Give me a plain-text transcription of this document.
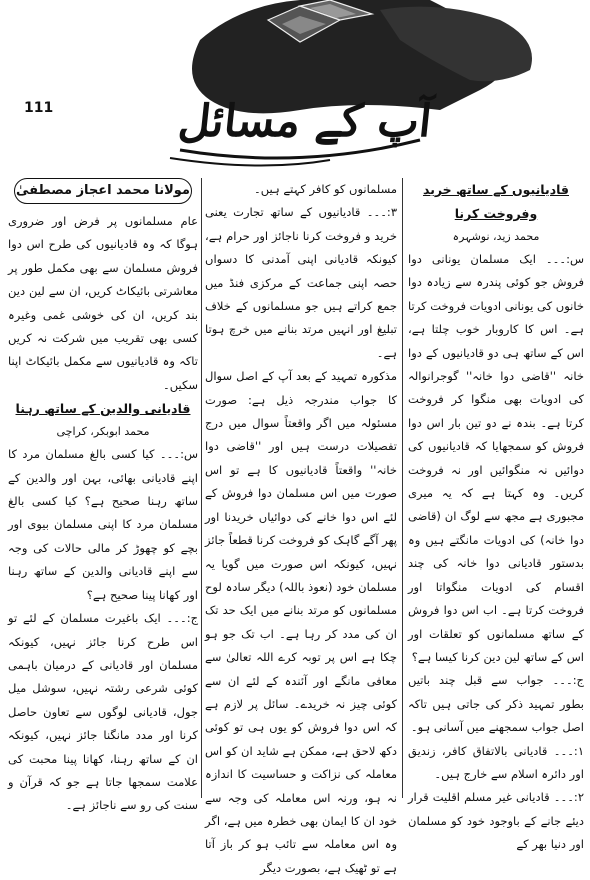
111	آپ کے مسائل
قادیانیوں کے ساتھ خرید وفروخت کرنا
محمد زید، نوشہرہ

س:۔۔۔ ایک مسلمان یونانی دوا فروش جو کوئی پندرہ سے زیادہ دوا خانوں کی یونانی ادویات فروخت کرتا ہے۔ اس کا کاروبار خوب چلتا ہے، اس کے ساتھ ہی دو قادیانیوں کے دوا خانہ ''قاضی دوا خانہ'' گوجرانوالہ کی ادویات بھی منگوا کر فروخت کرتا ہے۔ بندہ نے دو تین بار اس دوا فروش کو سمجھایا کہ قادیانیوں کی دوائیں نہ منگوائیں اور نہ فروخت کریں۔ وہ کہتا ہے کہ یہ میری مجبوری ہے مجھ سے لوگ ان (قاضی دوا خانہ) کی ادویات مانگتے ہیں وہ بدستور قادیانی دوا خانہ کی چند اقسام کی ادویات منگواتا اور فروخت کرتا ہے۔ اب اس دوا فروش کے ساتھ مسلمانوں کو تعلقات اور اس کے ساتھ لین دین کرنا کیسا ہے؟

ج:۔۔۔ جواب سے قبل چند باتیں بطور تمہید ذکر کی جاتی ہیں تاکہ اصل جواب سمجھنے میں آسانی ہو۔

۱:۔۔۔ قادیانی بالاتفاق کافر، زندیق اور دائرہ اسلام سے خارج ہیں۔

۲:۔۔۔ قادیانی غیر مسلم اقلیت قرار دیئے جانے کے باوجود خود کو مسلمان اور دنیا بھر کے

مسلمانوں کو کافر کہتے ہیں۔

۳:۔۔۔ قادیانیوں کے ساتھ تجارت یعنی خرید و فروخت کرنا ناجائز اور حرام ہے، کیونکہ قادیانی اپنی آمدنی کا دسواں حصہ اپنی جماعت کے مرکزی فنڈ میں جمع کراتے ہیں جو مسلمانوں کے خلاف تبلیغ اور انہیں مرتد بنانے میں خرچ ہوتا ہے۔

مذکورہ تمہید کے بعد آپ کے اصل سوال کا جواب مندرجہ ذیل ہے: صورت مسئولہ میں اگر واقعتاً سوال میں درج تفصیلات درست ہیں اور ''قاضی دوا خانہ'' واقعتاً قادیانیوں کا ہے تو اس صورت میں اس مسلمان دوا فروش کے لئے اس دوا خانے کی دوائیاں خریدنا اور پھر آگے گاہک کو فروخت کرنا قطعاً جائز نہیں، کیونکہ اس صورت میں گویا یہ مسلمان خود (نعوذ باللہ) دیگر سادہ لوح مسلمانوں کو مرتد بنانے میں ایک حد تک ان کی مدد کر رہا ہے۔ اب تک جو ہو چکا ہے اس پر توبہ کرے اللہ تعالیٰ سے معافی مانگے اور آئندہ کے لئے ان سے کوئی چیز نہ خریدے۔ سائل پر لازم ہے کہ اس دوا فروش کو یوں ہی تو کوئی دکھ لاحق ہے، ممکن ہے شاید ان کو اس معاملہ کی نزاکت و حساسیت کا اندازہ نہ ہو، ورنہ اس معاملہ کی وجہ سے خود ان کا ایمان بھی خطرہ میں ہے، اگر وہ اس معاملہ سے تائب ہو کر باز آتا ہے تو ٹھیک ہے، بصورت دیگر

مولانا محمد اعجاز مصطفیٰ

عام مسلمانوں پر فرض اور ضروری ہوگا کہ وہ قادیانیوں کی طرح اس دوا فروش مسلمان سے بھی مکمل طور پر معاشرتی بائیکاٹ کریں، ان سے لین دین بند کریں، ان کی خوشی غمی وغیرہ کسی بھی تقریب میں شرکت نہ کریں تاکہ وہ قادیانیوں سے مکمل بائیکاٹ اپنا سکیں۔

قادیانی والدین کے ساتھ رہنا
محمد ابوبکر، کراچی

س:۔۔۔ کیا کسی بالغ مسلمان مرد کا اپنے قادیانی بھائی، بہن اور والدین کے ساتھ رہنا صحیح ہے؟ کیا کسی بالغ مسلمان مرد کا اپنی مسلمان بیوی اور بچے کو چھوڑ کر مالی حالات کی وجہ سے اپنے قادیانی والدین کے ساتھ رہنا اور کھانا پینا صحیح ہے؟

ج:۔۔۔ ایک باغیرت مسلمان کے لئے تو اس طرح کرنا جائز نہیں، کیونکہ مسلمان اور قادیانی کے درمیان باہمی کوئی شرعی رشتہ نہیں، سوشل میل جول، قادیانی لوگوں سے تعاون حاصل کرنا اور مدد مانگنا جائز نہیں، کیونکہ ان کے ساتھ رہنا، کھانا پینا محبت کی علامت سمجھا جاتا ہے جو کہ قرآن و سنت کی رو سے ناجائز ہے۔
